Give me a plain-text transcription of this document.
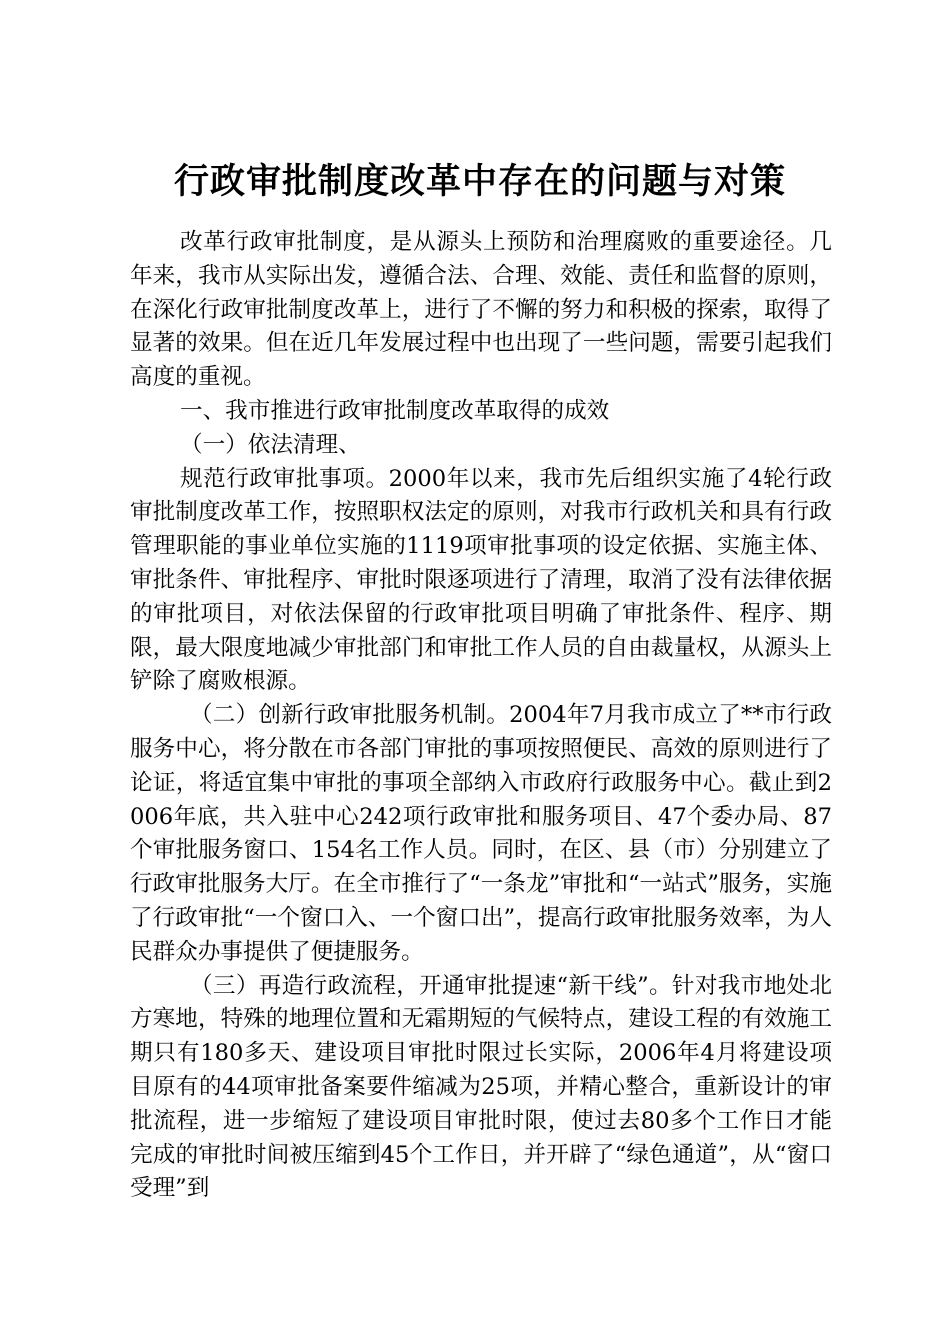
行政审批制度改革中存在的问题与对策

改革行政审批制度，是从源头上预防和治理腐败的重要途径。几年来，我市从实际出发，遵循合法、合理、效能、责任和监督的原则，在深化行政审批制度改革上，进行了不懈的努力和积极的探索，取得了显著的效果。但在近几年发展过程中也出现了一些问题，需要引起我们高度的重视。

一、我市推进行政审批制度改革取得的成效

（一）依法清理、

规范行政审批事项。2000年以来，我市先后组织实施了4轮行政审批制度改革工作，按照职权法定的原则，对我市行政机关和具有行政管理职能的事业单位实施的1119项审批事项的设定依据、实施主体、审批条件、审批程序、审批时限逐项进行了清理，取消了没有法律依据的审批项目，对依法保留的行政审批项目明确了审批条件、程序、期限，最大限度地减少审批部门和审批工作人员的自由裁量权，从源头上铲除了腐败根源。

（二）创新行政审批服务机制。2004年7月我市成立了**市行政服务中心，将分散在市各部门审批的事项按照便民、高效的原则进行了论证，将适宜集中审批的事项全部纳入市政府行政服务中心。截止到2006年底，共入驻中心242项行政审批和服务项目、47个委办局、87个审批服务窗口、154名工作人员。同时，在区、县（市）分别建立了行政审批服务大厅。在全市推行了“一条龙”审批和“一站式”服务，实施了行政审批“一个窗口入、一个窗口出”，提高行政审批服务效率，为人民群众办事提供了便捷服务。

（三）再造行政流程，开通审批提速“新干线”。针对我市地处北方寒地，特殊的地理位置和无霜期短的气候特点，建设工程的有效施工期只有180多天、建设项目审批时限过长实际，2006年4月将建设项目原有的44项审批备案要件缩减为25项，并精心整合，重新设计的审批流程，进一步缩短了建设项目审批时限，使过去80多个工作日才能完成的审批时间被压缩到45个工作日，并开辟了“绿色通道”，从“窗口受理”到
